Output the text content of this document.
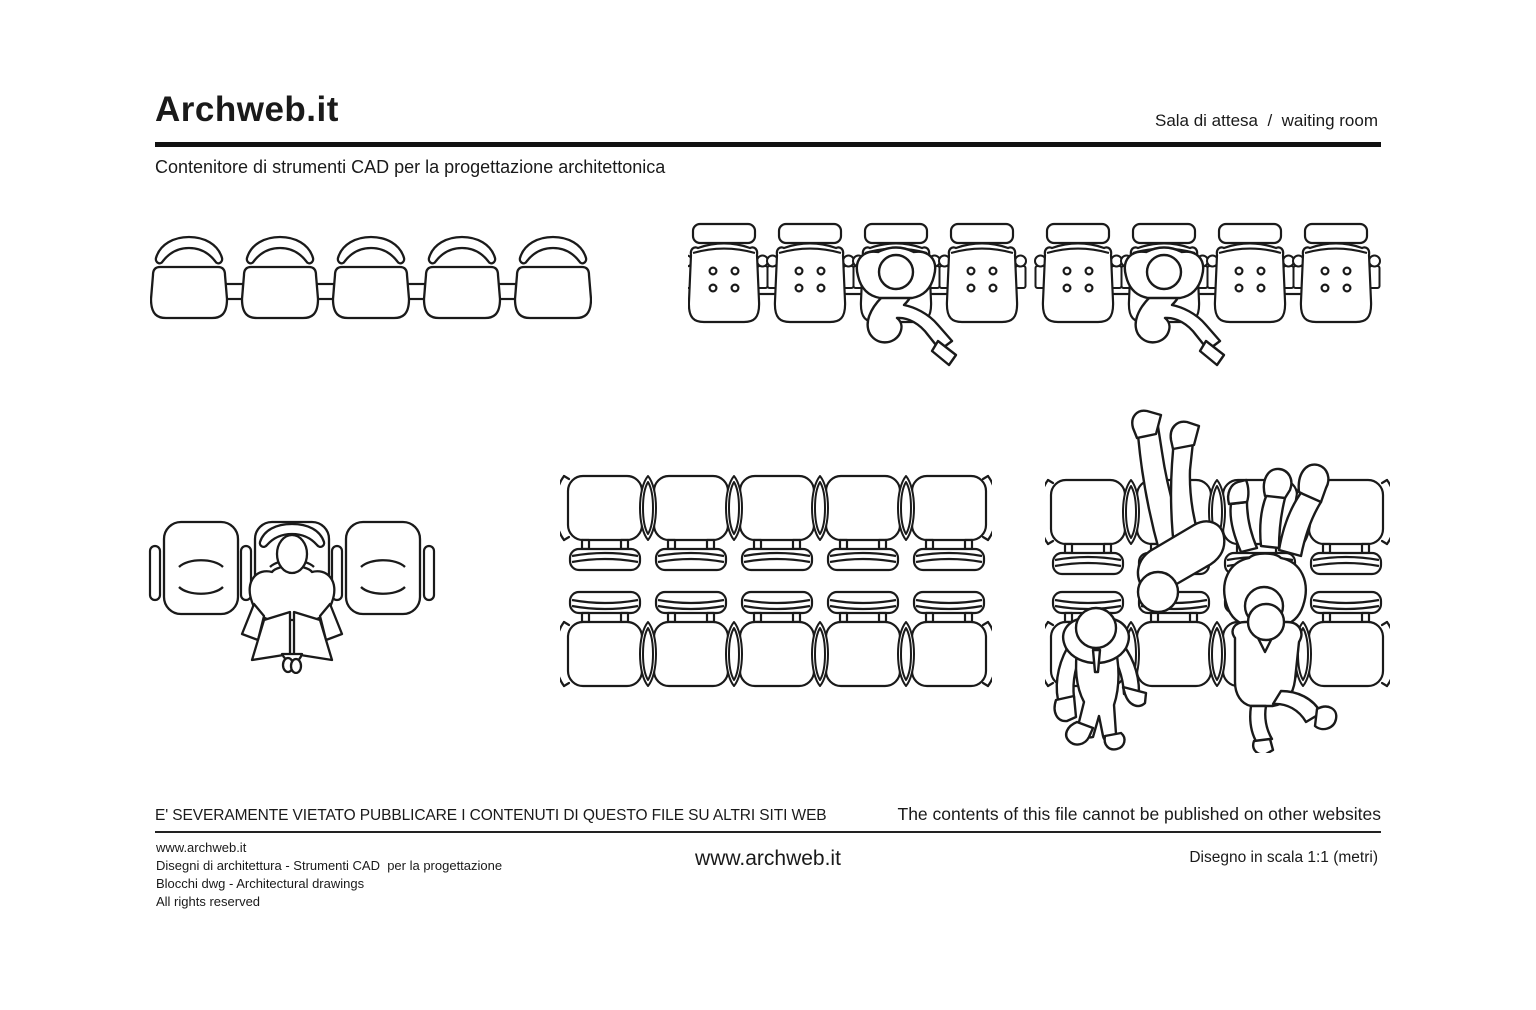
Archweb.it	Sala di attesa  /  waiting room
Contenitore di strumenti CAD per la progettazione architettonica
E' SEVERAMENTE VIETATO PUBBLICARE I CONTENUTI DI QUESTO FILE SU ALTRI SITI WEB	The contents of this file cannot be published on other websites
www.archweb.it
Disegni di architettura - Strumenti CAD  per la progettazione
Blocchi dwg - Architectural drawings
All rights reserved
www.archweb.it	Disegno in scala 1:1 (metri)
